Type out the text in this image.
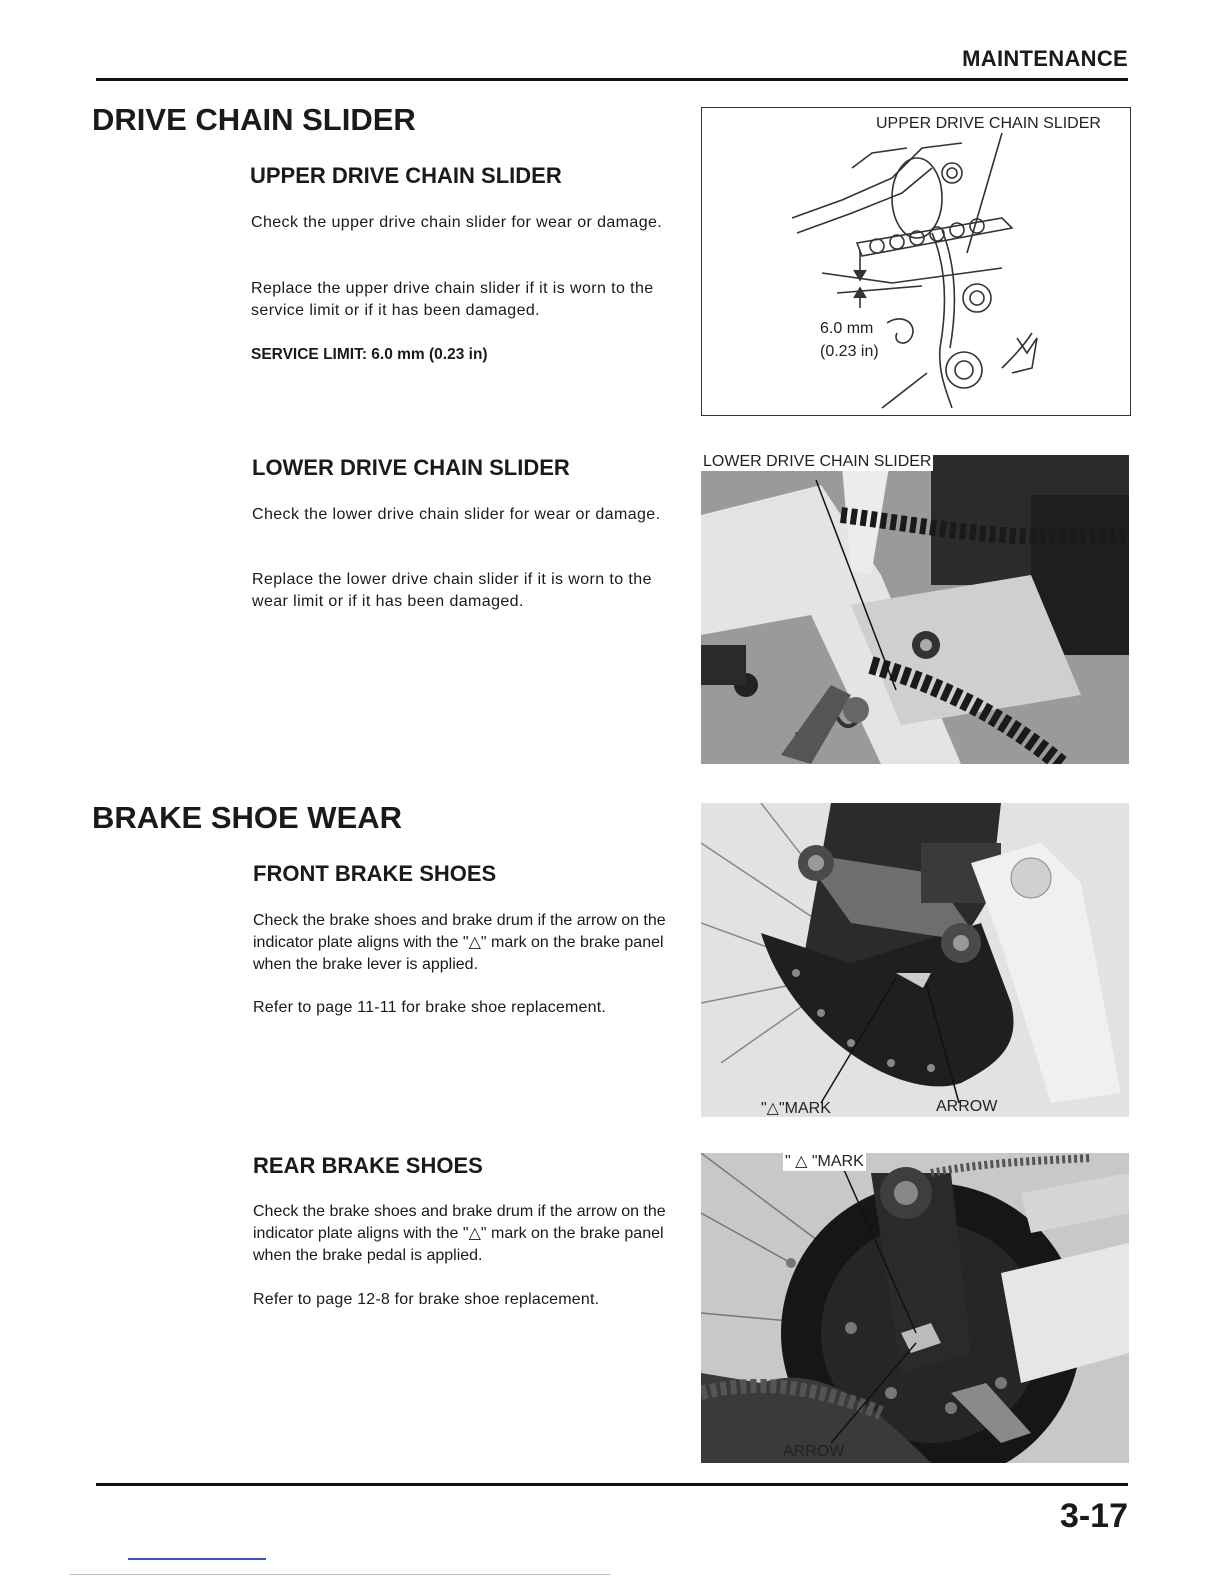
MAINTENANCE
3-17
DRIVE CHAIN SLIDER
UPPER DRIVE CHAIN SLIDER

Check the upper drive chain slider for wear or damage.

Replace the upper drive chain slider if it is worn to the service limit or if it has been damaged.

SERVICE LIMIT: 6.0 mm (0.23 in)

UPPER DRIVE CHAIN SLIDER
6.0 mm
(0.23 in)
LOWER DRIVE CHAIN SLIDER

Check the lower drive chain slider for wear or damage.

Replace the lower drive chain slider if it is worn to the wear limit or if it has been damaged.

LOWER DRIVE CHAIN SLIDER
BRAKE SHOE WEAR
FRONT BRAKE SHOES

Check the brake shoes and brake drum if the arrow on the indicator plate aligns with the "△" mark on the brake panel when the brake lever is applied.

Refer to page 11-11 for brake shoe replacement.

"△"MARK	ARROW
REAR BRAKE SHOES

Check the brake shoes and brake drum if the arrow on the indicator plate aligns with the "△" mark on the brake panel when the brake pedal is applied.

Refer to page 12-8 for brake shoe replacement.

" △ "MARK
ARROW
